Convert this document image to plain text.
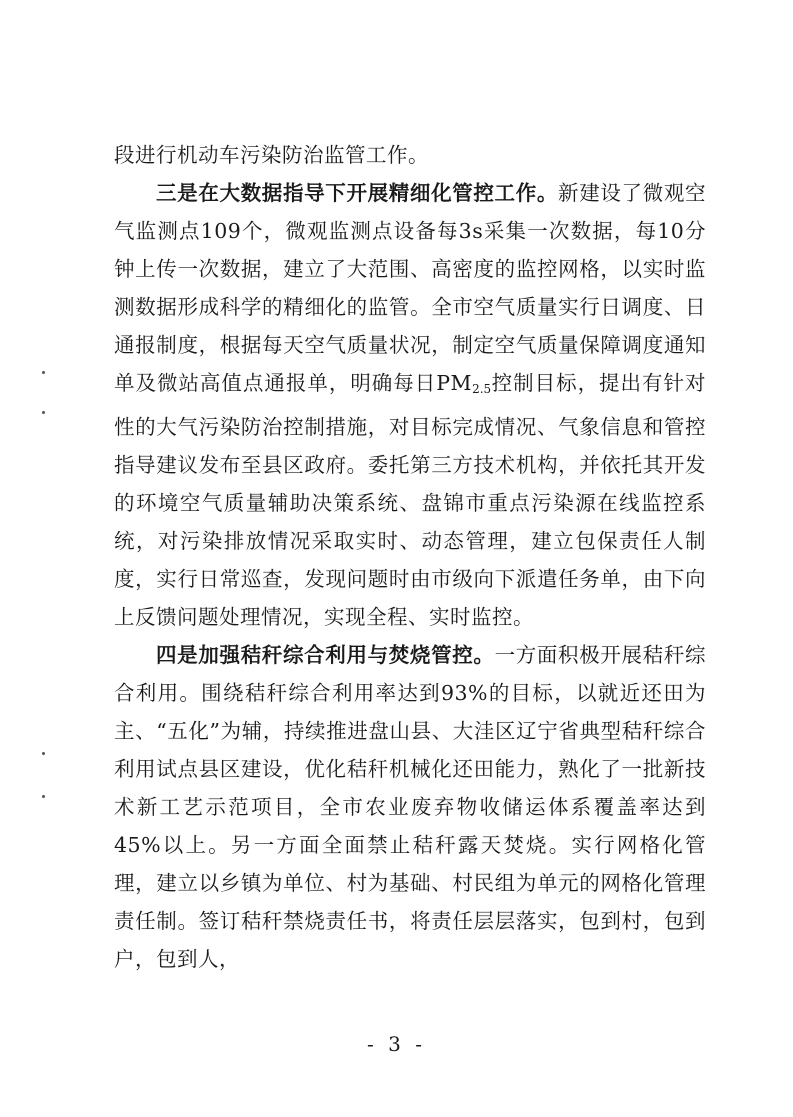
段进行机动车污染防治监管工作。

三是在大数据指导下开展精细化管控工作。新建设了微观空气监测点109个，微观监测点设备每3s采集一次数据，每10分钟上传一次数据，建立了大范围、高密度的监控网格，以实时监测数据形成科学的精细化的监管。全市空气质量实行日调度、日通报制度，根据每天空气质量状况，制定空气质量保障调度通知单及微站高值点通报单，明确每日$PM_{2.5}$控制目标，提出有针对性的大气污染防治控制措施，对目标完成情况、气象信息和管控指导建议发布至县区政府。委托第三方技术机构，并依托其开发的环境空气质量辅助决策系统、盘锦市重点污染源在线监控系统，对污染排放情况采取实时、动态管理，建立包保责任人制度，实行日常巡查，发现问题时由市级向下派遣任务单，由下向上反馈问题处理情况，实现全程、实时监控。

四是加强秸秆综合利用与焚烧管控。一方面积极开展秸秆综合利用。围绕秸秆综合利用率达到93%的目标，以就近还田为主、“五化”为辅，持续推进盘山县、大洼区辽宁省典型秸秆综合利用试点县区建设，优化秸秆机械化还田能力，熟化了一批新技术新工艺示范项目，全市农业废弃物收储运体系覆盖率达到45%以上。另一方面全面禁止秸秆露天焚烧。实行网格化管理，建立以乡镇为单位、村为基础、村民组为单元的网格化管理责任制。签订秸秆禁烧责任书，将责任层层落实，包到村，包到户，包到人，

- 3 -
